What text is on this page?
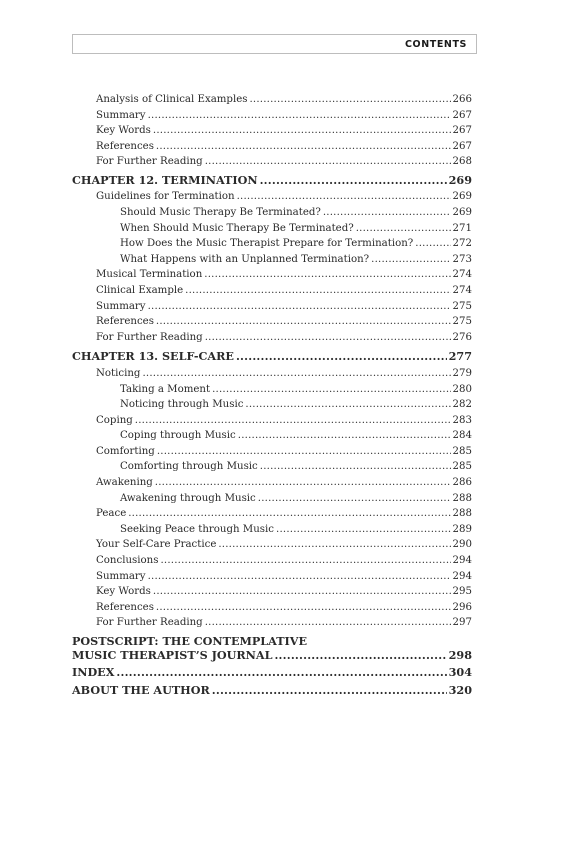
CONTENTS
Analysis of Clinical Examples .....	266
Summary .....	267
Key Words .....	267
References .....	267
For Further Reading .....	268
CHAPTER 12. TERMINATION .....	269
Guidelines for Termination .....	269
Should Music Therapy Be Terminated? .....	269
When Should Music Therapy Be Terminated? .....	271
How Does the Music Therapist Prepare for Termination? .....	272
What Happens with an Unplanned Termination? .....	273
Musical Termination .....	274
Clinical Example .....	274
Summary .....	275
References .....	275
For Further Reading .....	276
CHAPTER 13. SELF-CARE .....	277
Noticing .....	279
Taking a Moment .....	280
Noticing through Music .....	282
Coping .....	283
Coping through Music .....	284
Comforting .....	285
Comforting through Music .....	285
Awakening .....	286
Awakening through Music .....	288
Peace .....	288
Seeking Peace through Music .....	289
Your Self-Care Practice .....	290
Conclusions .....	294
Summary .....	294
Key Words .....	295
References .....	296
For Further Reading .....	297
POSTSCRIPT: THE CONTEMPLATIVE
MUSIC THERAPIST’S JOURNAL .....	298
INDEX .....	304
ABOUT THE AUTHOR .....	320
